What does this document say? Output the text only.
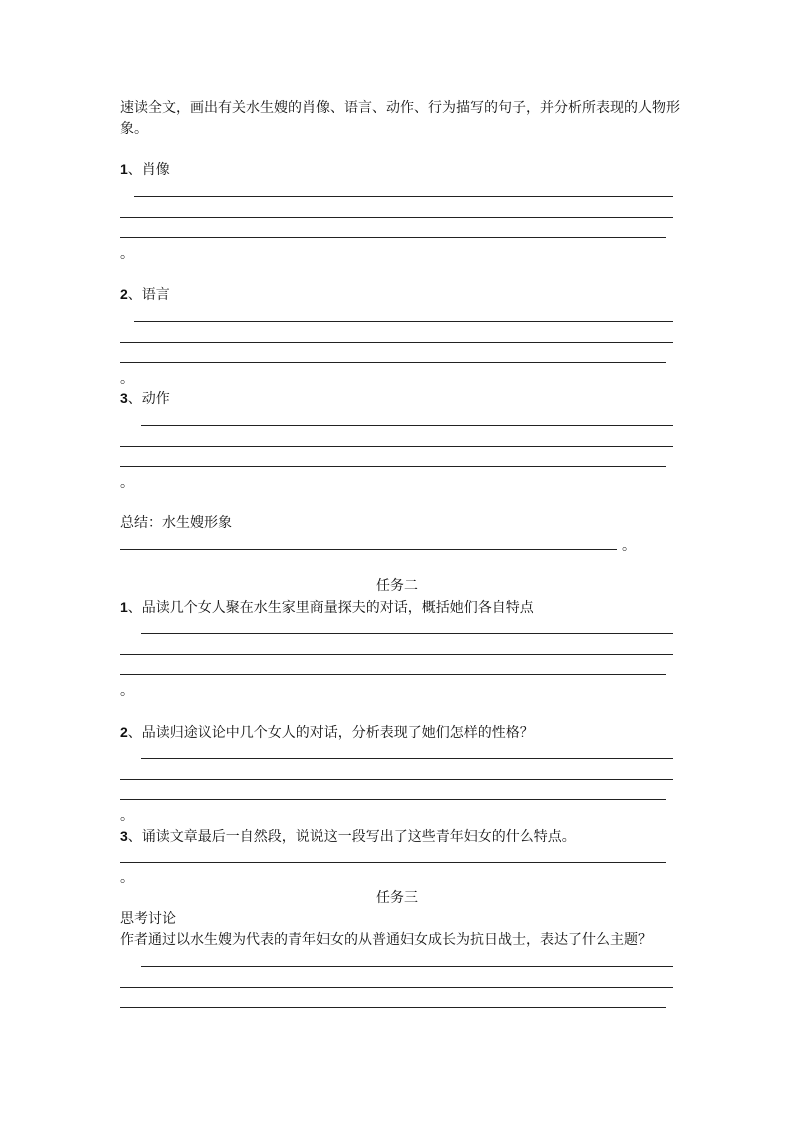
速读全文，画出有关水生嫂的肖像、语言、动作、行为描写的句子，并分析所表现的人物形
象。
1、肖像
。
2、语言
。
3、动作
。
总结：水生嫂形象
。
任务二
1、品读几个女人聚在水生家里商量探夫的对话，概括她们各自特点
。
2、品读归途议论中几个女人的对话，分析表现了她们怎样的性格？
。
3、诵读文章最后一自然段，说说这一段写出了这些青年妇女的什么特点。
。
任务三
思考讨论
作者通过以水生嫂为代表的青年妇女的从普通妇女成长为抗日战士，表达了什么主题？
